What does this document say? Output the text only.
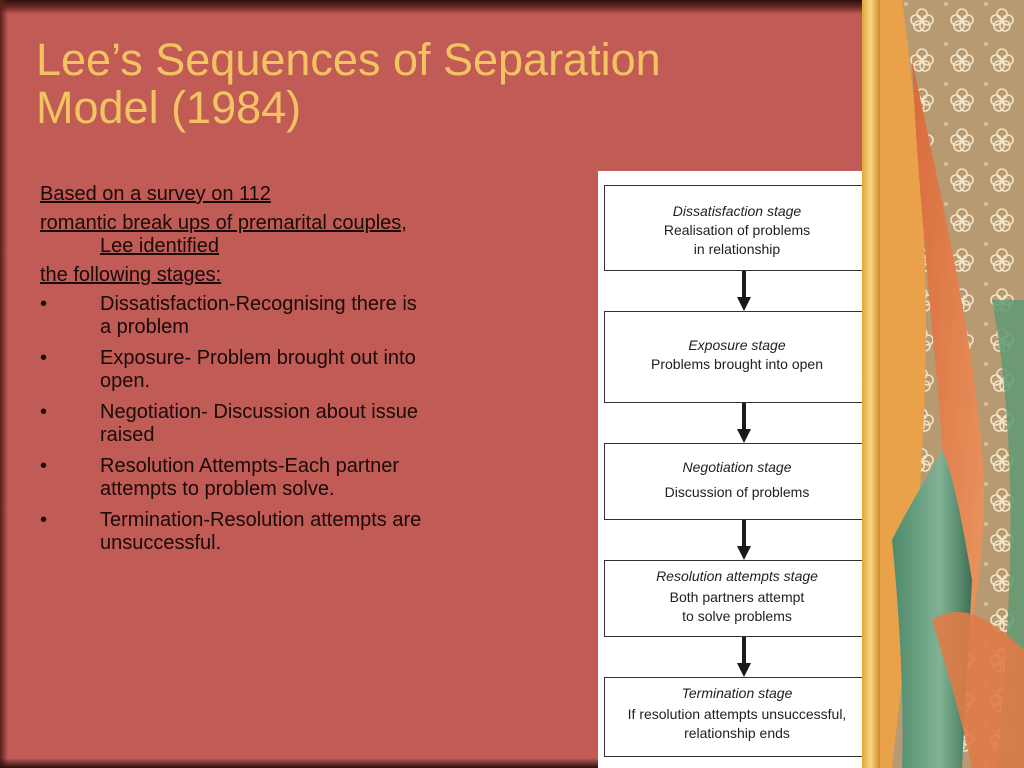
Lee’s Sequences of Separation
Model (1984)

Based on a survey on 112

romantic break ups of premarital couples, Lee identified

the following stages:

•	Dissatisfaction-Recognising there is a problem
•	Exposure- Problem brought out into open.
•	Negotiation- Discussion about issue raised
•	Resolution Attempts-Each partner attempts to problem solve.
•	Termination-Resolution attempts are unsuccessful.
Dissatisfaction stage
Realisation of problems
in relationship
Exposure stage
Problems brought into open
Negotiation stage
Discussion of problems
Resolution attempts stage
Both partners attempt
to solve problems
Termination stage
If resolution attempts unsuccessful,
relationship ends
